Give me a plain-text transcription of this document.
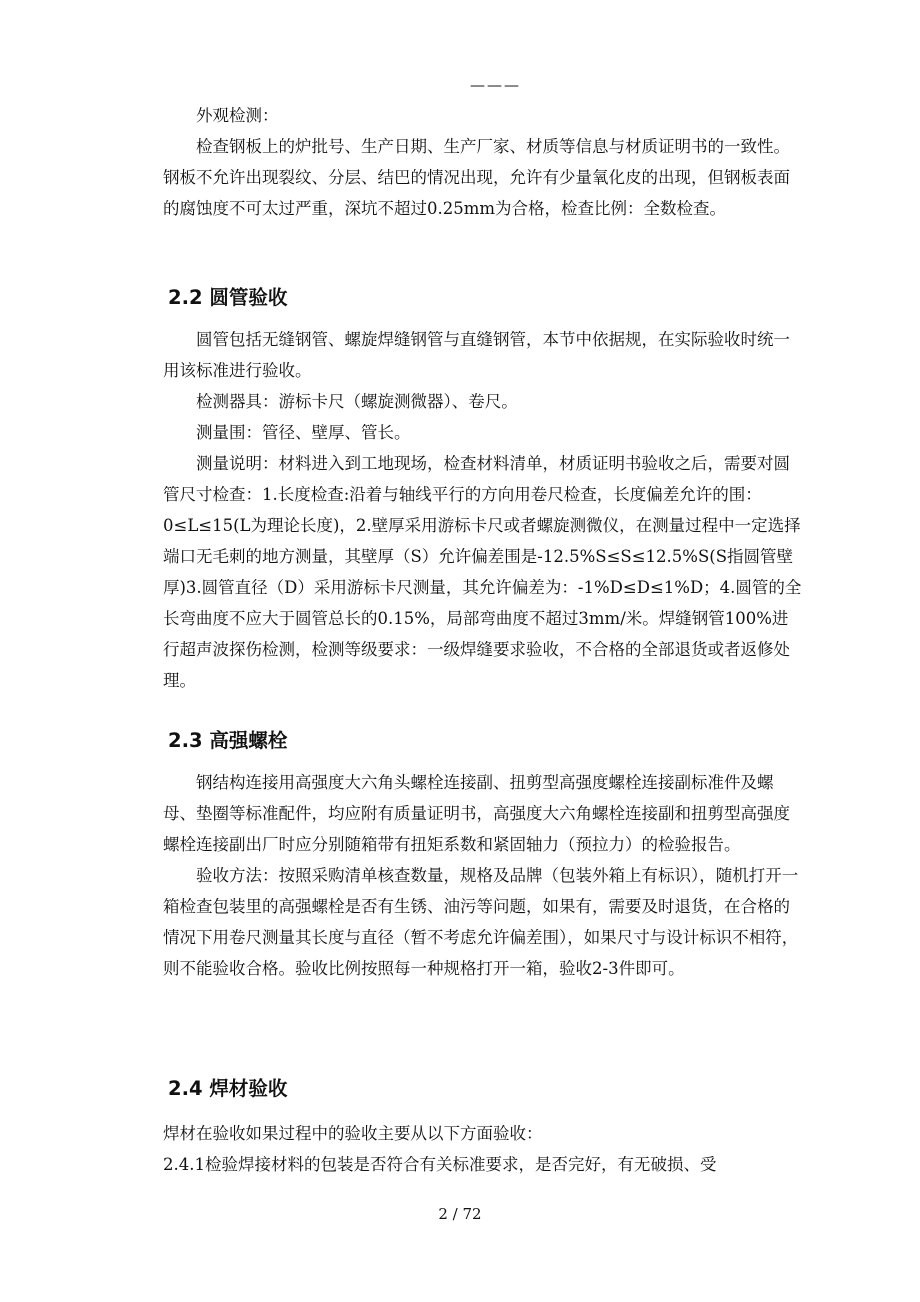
———

外观检测：

检查钢板上的炉批号、生产日期、生产厂家、材质等信息与材质证明书的一致性。钢板不允许出现裂纹、分层、结巴的情况出现，允许有少量氧化皮的出现，但钢板表面的腐蚀度不可太过严重，深坑不超过0.25mm为合格，检查比例：全数检查。

2.2 圆管验收

圆管包括无缝钢管、螺旋焊缝钢管与直缝钢管，本节中依据规，在实际验收时统一用该标准进行验收。

检测器具：游标卡尺（螺旋测微器）、卷尺。

测量围：管径、壁厚、管长。

测量说明：材料进入到工地现场，检查材料清单，材质证明书验收之后，需要对圆管尺寸检查：1.长度检查:沿着与轴线平行的方向用卷尺检查，长度偏差允许的围：0≤L≤15(L为理论长度)，2.壁厚采用游标卡尺或者螺旋测微仪，在测量过程中一定选择端口无毛刺的地方测量，其壁厚（S）允许偏差围是-12.5%S≤S≤12.5%S(S指圆管壁厚)3.圆管直径（D）采用游标卡尺测量，其允许偏差为：-1%D≤D≤1%D；4.圆管的全长弯曲度不应大于圆管总长的0.15%，局部弯曲度不超过3mm/米。焊缝钢管100%进行超声波探伤检测，检测等级要求：一级焊缝要求验收，不合格的全部退货或者返修处理。

2.3 高强螺栓

钢结构连接用高强度大六角头螺栓连接副、扭剪型高强度螺栓连接副标准件及螺母、垫圈等标准配件，均应附有质量证明书，高强度大六角螺栓连接副和扭剪型高强度螺栓连接副出厂时应分别随箱带有扭矩系数和紧固轴力（预拉力）的检验报告。

验收方法：按照采购清单核查数量，规格及品牌（包装外箱上有标识），随机打开一箱检查包装里的高强螺栓是否有生锈、油污等问题，如果有，需要及时退货，在合格的情况下用卷尺测量其长度与直径（暂不考虑允许偏差围），如果尺寸与设计标识不相符，则不能验收合格。验收比例按照每一种规格打开一箱，验收2-3件即可。

2.4 焊材验收

焊材在验收如果过程中的验收主要从以下方面验收：

2.4.1检验焊接材料的包装是否符合有关标准要求，是否完好，有无破损、受

2 / 72
